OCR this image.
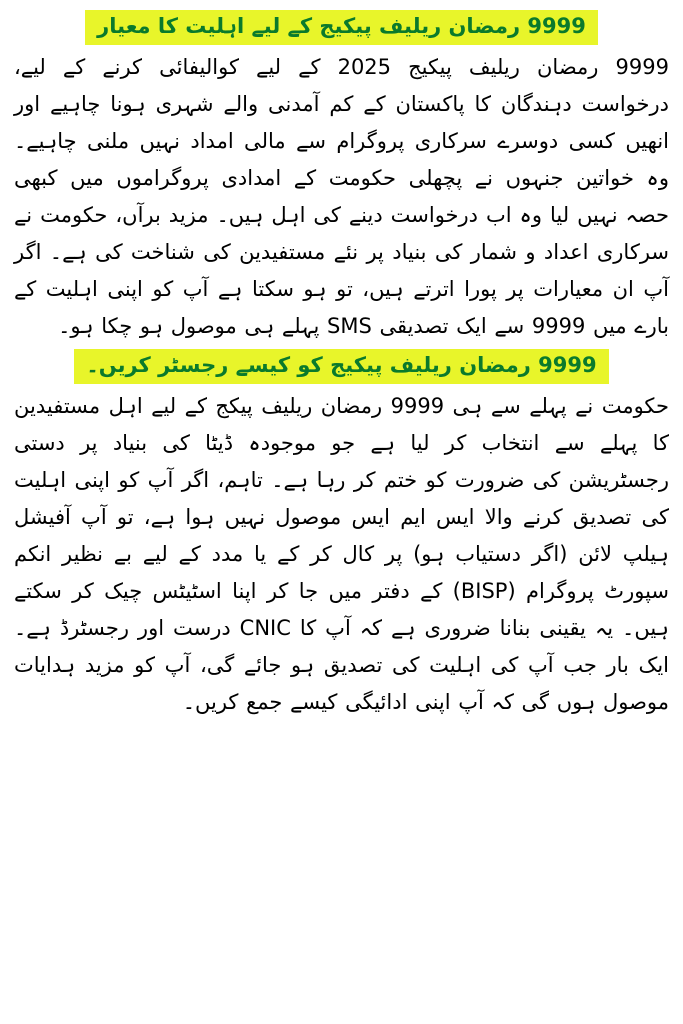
9999 رمضان ریلیف پیکیج کے لیے اہلیت کا معیار

9999 رمضان ریلیف پیکیج 2025 کے لیے کوالیفائی کرنے کے لیے، درخواست دہندگان کا پاکستان کے کم آمدنی والے شہری ہونا چاہیے اور انھیں کسی دوسرے سرکاری پروگرام سے مالی امداد نہیں ملنی چاہیے۔ وہ خواتین جنہوں نے پچھلی حکومت کے امدادی پروگراموں میں کبھی حصہ نہیں لیا وہ اب درخواست دینے کی اہل ہیں۔ مزید برآں، حکومت نے سرکاری اعداد و شمار کی بنیاد پر نئے مستفیدین کی شناخت کی ہے۔ اگر آپ ان معیارات پر پورا اترتے ہیں، تو ہو سکتا ہے آپ کو اپنی اہلیت کے بارے میں 9999 سے ایک تصدیقی SMS پہلے ہی موصول ہو چکا ہو۔

9999 رمضان ریلیف پیکیج کو کیسے رجسٹر کریں۔

حکومت نے پہلے سے ہی 9999 رمضان ریلیف پیکج کے لیے اہل مستفیدین کا پہلے سے انتخاب کر لیا ہے جو موجودہ ڈیٹا کی بنیاد پر دستی رجسٹریشن کی ضرورت کو ختم کر رہا ہے۔ تاہم، اگر آپ کو اپنی اہلیت کی تصدیق کرنے والا ایس ایم ایس موصول نہیں ہوا ہے، تو آپ آفیشل ہیلپ لائن (اگر دستیاب ہو) پر کال کر کے یا مدد کے لیے بے نظیر انکم سپورٹ پروگرام (BISP) کے دفتر میں جا کر اپنا اسٹیٹس چیک کر سکتے ہیں۔ یہ یقینی بنانا ضروری ہے کہ آپ کا CNIC درست اور رجسٹرڈ ہے۔ ایک بار جب آپ کی اہلیت کی تصدیق ہو جائے گی، آپ کو مزید ہدایات موصول ہوں گی کہ آپ اپنی ادائیگی کیسے جمع کریں۔
